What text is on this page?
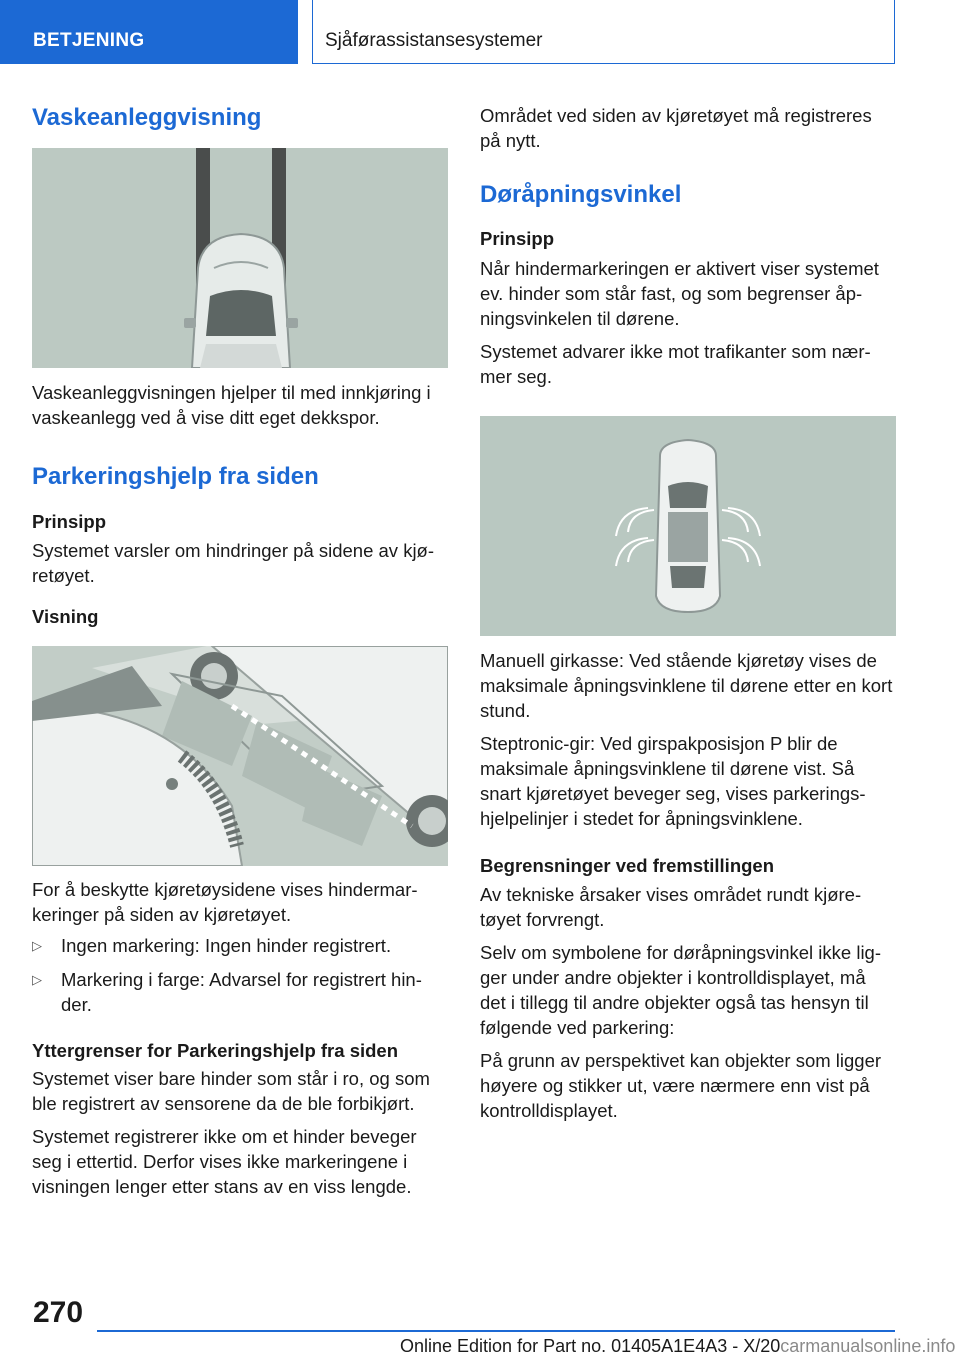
BETJENING	Sjåførassistansesystemer
Vaskeanleggvisning

Vaskeanleggvisningen hjelper til med innkjøring i vaskeanlegg ved å vise ditt eget dekkspor.

Parkeringshjelp fra siden
Prinsipp

Systemet varsler om hindringer på sidene av kjø-retøyet.

Visning

For å beskytte kjøretøysidene vises hindermar-keringer på siden av kjøretøyet.

▷ Ingen markering: Ingen hinder registrert.
▷ Markering i farge: Advarsel for registrert hin-der.
Yttergrenser for Parkeringshjelp fra siden

Systemet viser bare hinder som står i ro, og som ble registrert av sensorene da de ble forbikjørt.

Systemet registrerer ikke om et hinder beveger seg i ettertid. Derfor vises ikke markeringene i visningen lenger etter stans av en viss lengde.

Området ved siden av kjøretøyet må registreres på nytt.

Døråpningsvinkel
Prinsipp

Når hindermarkeringen er aktivert viser systemet ev. hinder som står fast, og som begrenser åp-ningsvinkelen til dørene.

Systemet advarer ikke mot trafikanter som nær-mer seg.

Manuell girkasse: Ved stående kjøretøy vises de maksimale åpningsvinklene til dørene etter en kort stund.

Steptronic-gir: Ved girspakposisjon P blir de maksimale åpningsvinklene til dørene vist. Så snart kjøretøyet beveger seg, vises parkerings-hjelpelinjer i stedet for åpningsvinklene.

Begrensninger ved fremstillingen

Av tekniske årsaker vises området rundt kjøre-tøyet forvrengt.

Selv om symbolene for døråpningsvinkel ikke lig-ger under andre objekter i kontrolldisplayet, må det i tillegg til andre objekter også tas hensyn til følgende ved parkering:

På grunn av perspektivet kan objekter som ligger høyere og stikker ut, være nærmere enn vist på kontrolldisplayet.

270
Online Edition for Part no. 01405A1E4A3 - X/20carmanualsonline.info
